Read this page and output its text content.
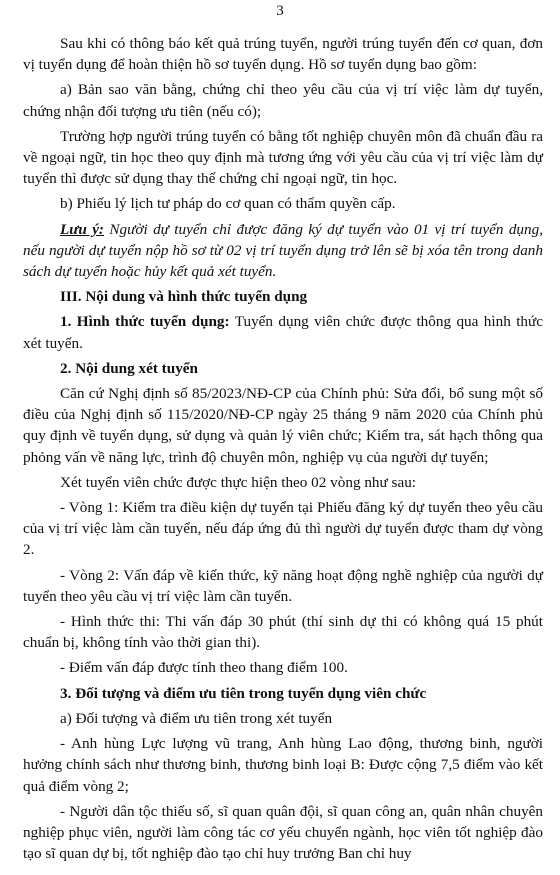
3

Sau khi có thông báo kết quả trúng tuyển, người trúng tuyển đến cơ quan, đơn vị tuyển dụng để hoàn thiện hồ sơ tuyển dụng. Hồ sơ tuyển dụng bao gồm:

a) Bản sao văn bằng, chứng chỉ theo yêu cầu của vị trí việc làm dự tuyển, chứng nhận đối tượng ưu tiên (nếu có);

Trường hợp người trúng tuyển có bằng tốt nghiệp chuyên môn đã chuẩn đầu ra về ngoại ngữ, tin học theo quy định mà tương ứng với yêu cầu của vị trí việc làm dự tuyển thì được sử dụng thay thế chứng chỉ ngoại ngữ, tin học.

b) Phiếu lý lịch tư pháp do cơ quan có thẩm quyền cấp.

Lưu ý: Người dự tuyển chỉ được đăng ký dự tuyển vào 01 vị trí tuyển dụng, nếu người dự tuyển nộp hồ sơ từ 02 vị trí tuyển dụng trở lên sẽ bị xóa tên trong danh sách dự tuyển hoặc hủy kết quả xét tuyển.

III. Nội dung và hình thức tuyển dụng

1. Hình thức tuyển dụng: Tuyển dụng viên chức được thông qua hình thức xét tuyển.

2. Nội dung xét tuyển

Căn cứ Nghị định số 85/2023/NĐ-CP của Chính phủ: Sửa đổi, bổ sung một số điều của Nghị định số 115/2020/NĐ-CP ngày 25 tháng 9 năm 2020 của Chính phủ quy định về tuyển dụng, sử dụng và quản lý viên chức; Kiểm tra, sát hạch thông qua phỏng vấn về năng lực, trình độ chuyên môn, nghiệp vụ của người dự tuyển;

Xét tuyển viên chức được thực hiện theo 02 vòng như sau:

- Vòng 1: Kiểm tra điều kiện dự tuyển tại Phiếu đăng ký dự tuyển theo yêu cầu của vị trí việc làm cần tuyển, nếu đáp ứng đủ thì người dự tuyển được tham dự vòng 2.

- Vòng 2: Vấn đáp về kiến thức, kỹ năng hoạt động nghề nghiệp của người dự tuyển theo yêu cầu vị trí việc làm cần tuyển.

- Hình thức thi: Thi vấn đáp 30 phút (thí sinh dự thi có không quá 15 phút chuẩn bị, không tính vào thời gian thi).

- Điểm vấn đáp được tính theo thang điểm 100.

3. Đối tượng và điểm ưu tiên trong tuyển dụng viên chức

a) Đối tượng và điểm ưu tiên trong xét tuyển

- Anh hùng Lực lượng vũ trang, Anh hùng Lao động, thương binh, người hưởng chính sách như thương binh, thương binh loại B: Được cộng 7,5 điểm vào kết quả điểm vòng 2;

- Người dân tộc thiểu số, sĩ quan quân đội, sĩ quan công an, quân nhân chuyên nghiệp phục viên, người làm công tác cơ yếu chuyển ngành, học viên tốt nghiệp đào tạo sĩ quan dự bị, tốt nghiệp đào tạo chỉ huy trưởng Ban chỉ huy
